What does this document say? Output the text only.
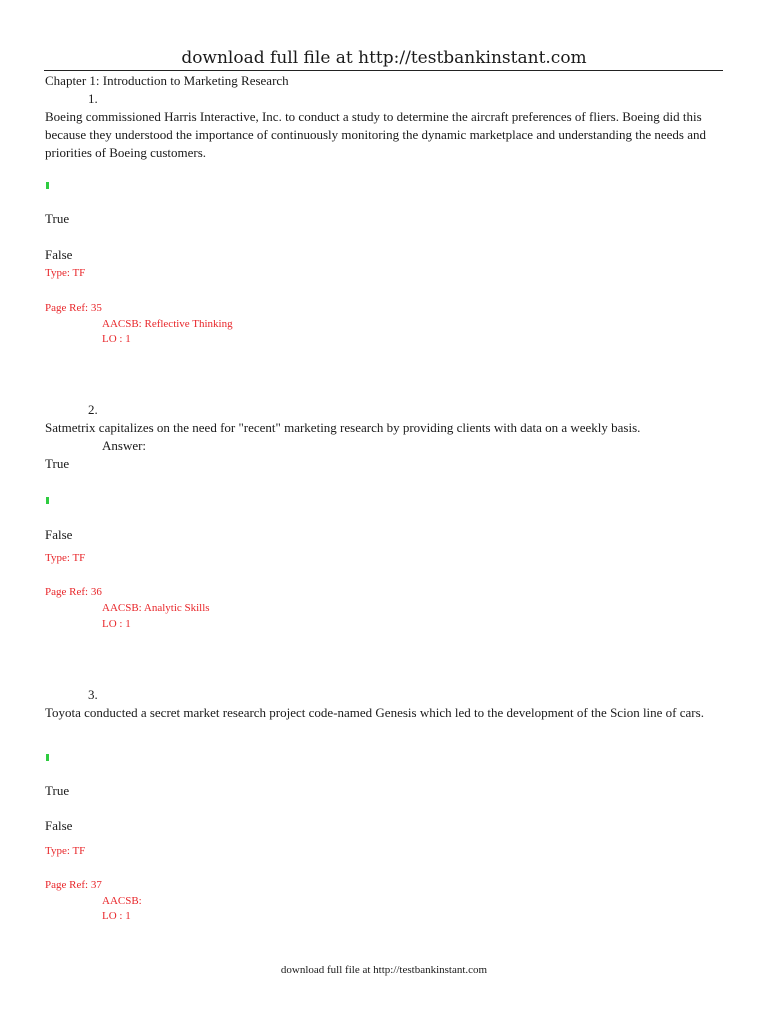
download full file at http://testbankinstant.com
Chapter 1: Introduction to Marketing Research
1.
Boeing commissioned Harris Interactive, Inc. to conduct a study to determine the aircraft preferences of fliers. Boeing did this because they understood the importance of continuously monitoring the dynamic marketplace and understanding the needs and priorities of Boeing customers.
True
False
Type: TF
Page Ref: 35
AACSB: Reflective Thinking
LO : 1
2.
Satmetrix capitalizes on the need for "recent" marketing research by providing clients with data on a weekly basis.
Answer:
True
False
Type: TF
Page Ref: 36
AACSB: Analytic Skills
LO : 1
3.
Toyota conducted a secret market research project code-named Genesis which led to the development of the Scion line of cars.
True
False
Type: TF
Page Ref: 37
AACSB:
LO : 1
download full file at http://testbankinstant.com
